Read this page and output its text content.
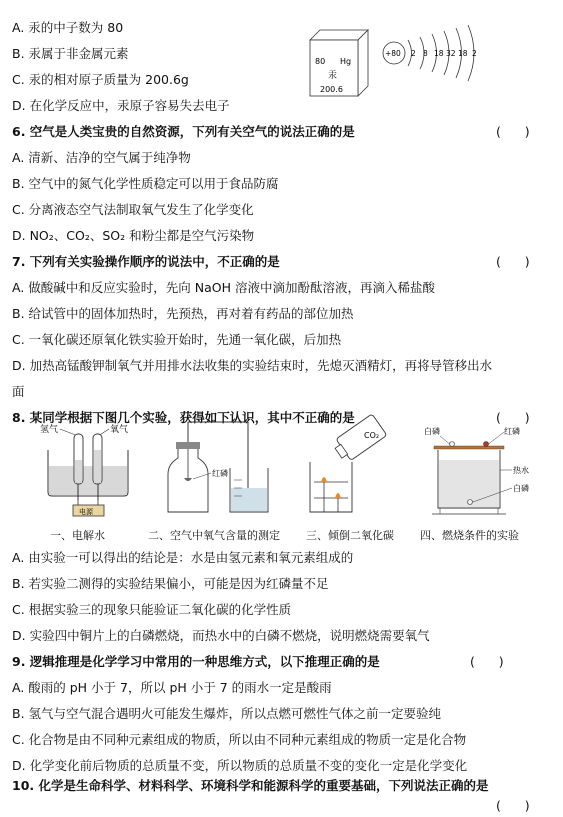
A. 汞的中子数为 80
B. 汞属于非金属元素
C. 汞的相对原子质量为 200.6g
D. 在化学反应中，汞原子容易失去电子
80 Hg
汞
200.6
+80 2 8 18 32 18 2
6. 空气是人类宝贵的自然资源，下列有关空气的说法正确的是	(      )
A. 清新、洁净的空气属于纯净物
B. 空气中的氮气化学性质稳定可以用于食品防腐
C. 分离液态空气法制取氧气发生了化学变化
D. NO₂、CO₂、SO₂ 和粉尘都是空气污染物
7. 下列有关实验操作顺序的说法中，不正确的是	(      )
A. 做酸碱中和反应实验时，先向 NaOH 溶液中滴加酚酞溶液，再滴入稀盐酸
B. 给试管中的固体加热时，先预热，再对着有药品的部位加热
C. 一氧化碳还原氧化铁实验开始时，先通一氧化碳，后加热
D. 加热高锰酸钾制氧气并用排水法收集的实验结束时，先熄灭酒精灯，再将导管移出水
面
8. 某同学根据下图几个实验，获得如下认识，其中不正确的是	(      )
氢气	氧气
电源
红磷
CO₂	白磷	红磷
热水
白磷
一、电解水	二、空气中氧气含量的测定 三、倾倒二氧化碳 四、燃烧条件的实验
A. 由实验一可以得出的结论是：水是由氢元素和氧元素组成的
B. 若实验二测得的实验结果偏小，可能是因为红磷量不足
C. 根据实验三的现象只能验证二氧化碳的化学性质
D. 实验四中铜片上的白磷燃烧，而热水中的白磷不燃烧，说明燃烧需要氧气
9. 逻辑推理是化学学习中常用的一种思维方式，以下推理正确的是	(      )
A. 酸雨的 pH 小于 7，所以 pH 小于 7 的雨水一定是酸雨
B. 氢气与空气混合遇明火可能发生爆炸，所以点燃可燃性气体之前一定要验纯
C. 化合物是由不同种元素组成的物质，所以由不同种元素组成的物质一定是化合物
D. 化学变化前后物质的总质量不变，所以物质的总质量不变的变化一定是化学变化
10. 化学是生命科学、材料科学、环境科学和能源科学的重要基础，下列说法正确的是
(      )
